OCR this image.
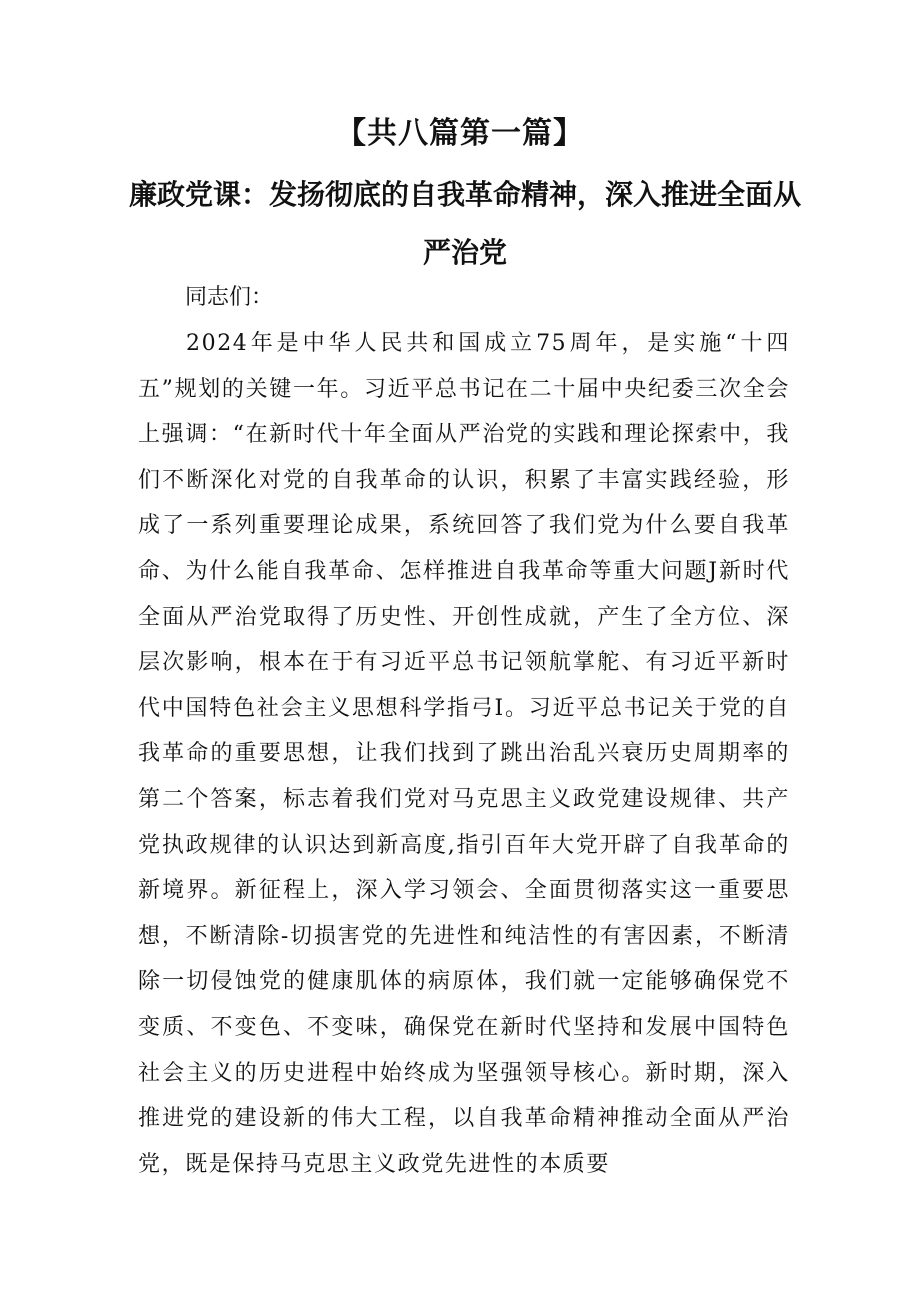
【共八篇第一篇】
廉政党课：发扬彻底的自我革命精神，深入推进全面从严治党
同志们：

2024年是中华人民共和国成立75周年，是实施“十四五”规划的关键一年。习近平总书记在二十届中央纪委三次全会上强调：“在新时代十年全面从严治党的实践和理论探索中，我们不断深化对党的自我革命的认识，积累了丰富实践经验，形成了一系列重要理论成果，系统回答了我们党为什么要自我革命、为什么能自我革命、怎样推进自我革命等重大问题J新时代全面从严治党取得了历史性、开创性成就，产生了全方位、深层次影响，根本在于有习近平总书记领航掌舵、有习近平新时代中国特色社会主义思想科学指弓I。习近平总书记关于党的自我革命的重要思想，让我们找到了跳出治乱兴衰历史周期率的第二个答案，标志着我们党对马克思主义政党建设规律、共产党执政规律的认识达到新高度,指引百年大党开辟了自我革命的新境界。新征程上，深入学习领会、全面贯彻落实这一重要思想，不断清除-切损害党的先进性和纯洁性的有害因素，不断清除一切侵蚀党的健康肌体的病原体，我们就一定能够确保党不变质、不变色、不变味，确保党在新时代坚持和发展中国特色社会主义的历史进程中始终成为坚强领导核心。新时期，深入推进党的建设新的伟大工程，以自我革命精神推动全面从严治党，既是保持马克思主义政党先进性的本质要
